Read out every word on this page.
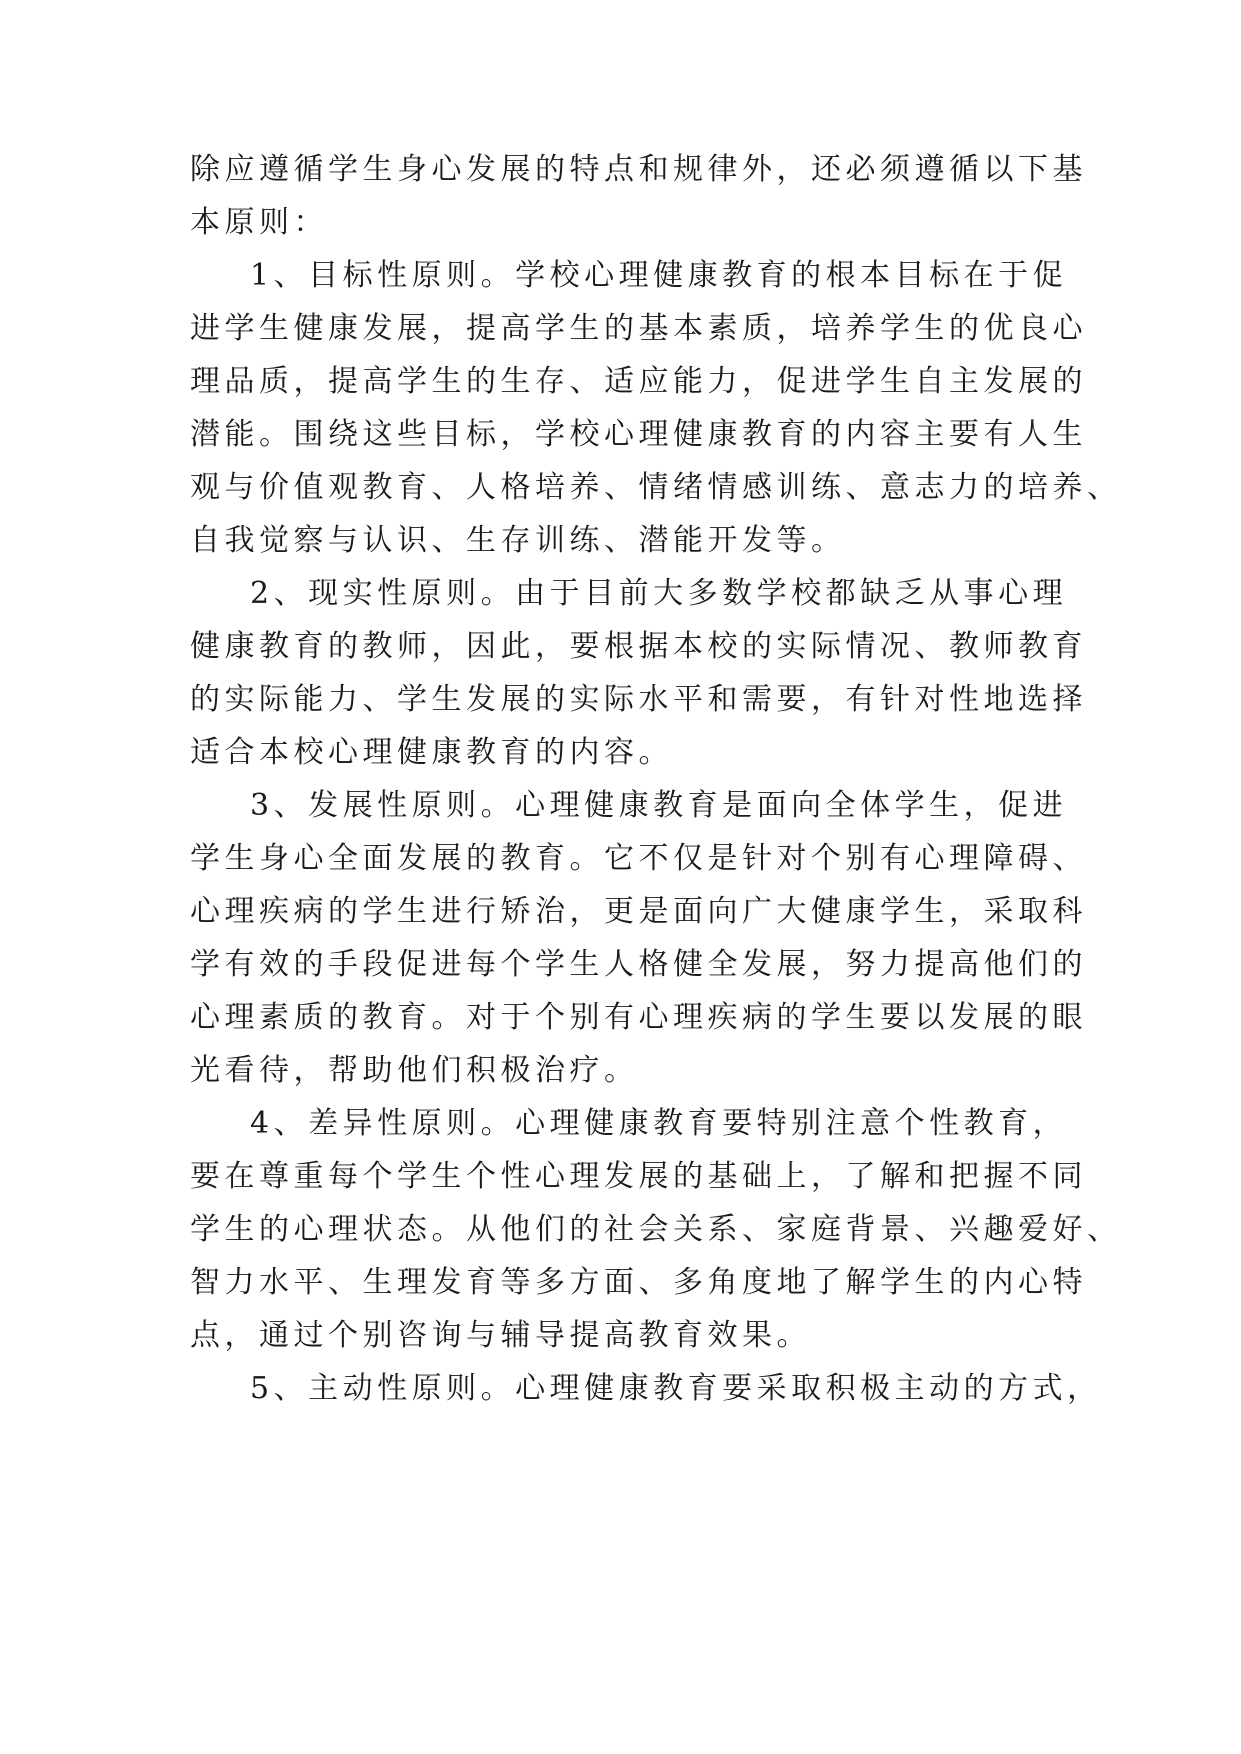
除应遵循学生身心发展的特点和规律外，还必须遵循以下基
本原则：
1、目标性原则。学校心理健康教育的根本目标在于促
进学生健康发展，提高学生的基本素质，培养学生的优良心
理品质，提高学生的生存、适应能力，促进学生自主发展的
潜能。围绕这些目标，学校心理健康教育的内容主要有人生
观与价值观教育、人格培养、情绪情感训练、意志力的培养、
自我觉察与认识、生存训练、潜能开发等。
2、现实性原则。由于目前大多数学校都缺乏从事心理
健康教育的教师，因此，要根据本校的实际情况、教师教育
的实际能力、学生发展的实际水平和需要，有针对性地选择
适合本校心理健康教育的内容。
3、发展性原则。心理健康教育是面向全体学生，促进
学生身心全面发展的教育。它不仅是针对个别有心理障碍、
心理疾病的学生进行矫治，更是面向广大健康学生，采取科
学有效的手段促进每个学生人格健全发展，努力提高他们的
心理素质的教育。对于个别有心理疾病的学生要以发展的眼
光看待，帮助他们积极治疗。
4、差异性原则。心理健康教育要特别注意个性教育，
要在尊重每个学生个性心理发展的基础上，了解和把握不同
学生的心理状态。从他们的社会关系、家庭背景、兴趣爱好、
智力水平、生理发育等多方面、多角度地了解学生的内心特
点，通过个别咨询与辅导提高教育效果。
5、主动性原则。心理健康教育要采取积极主动的方式，
